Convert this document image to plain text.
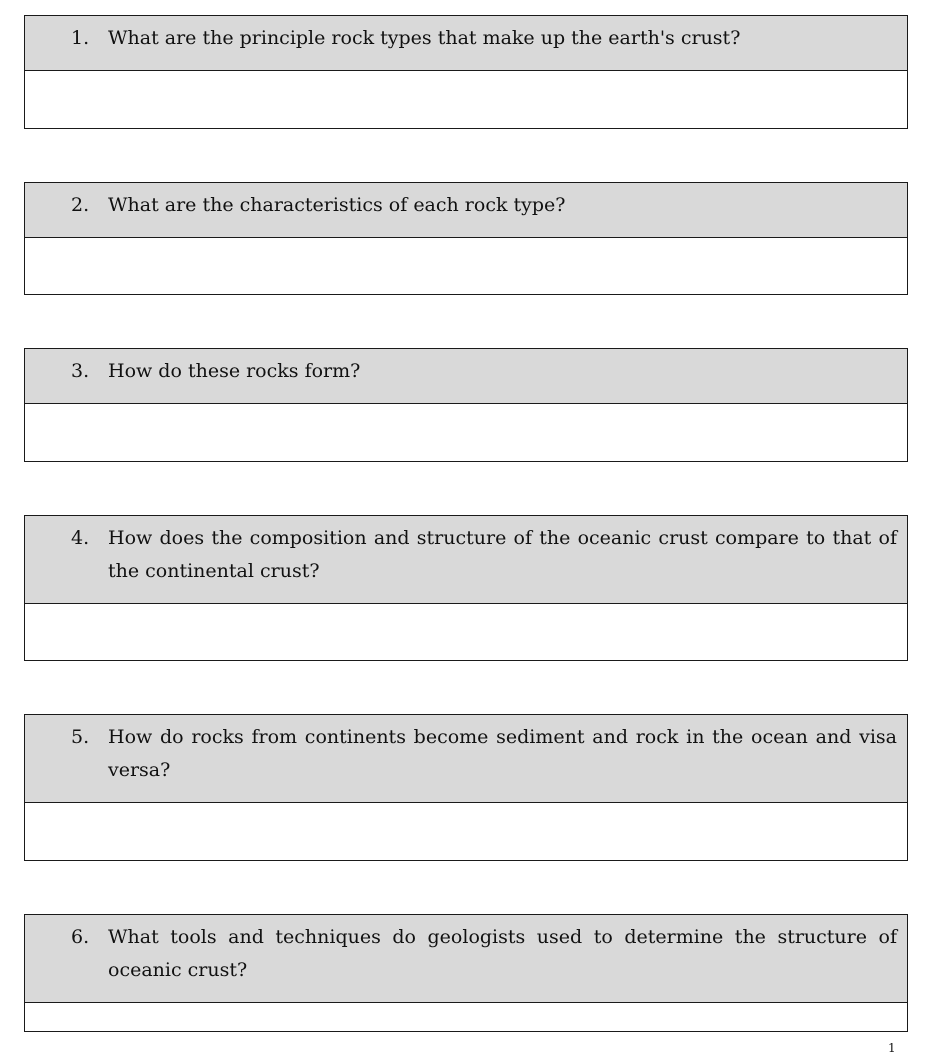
1. What are the principle rock types that make up the earth's crust?
2. What are the characteristics of each rock type?
3. How do these rocks form?
4. How does the composition and structure of the oceanic crust compare to that of the continental crust?
5. How do rocks from continents become sediment and rock in the ocean and visa versa?
6. What tools and techniques do geologists used to determine the structure of oceanic crust?
1
